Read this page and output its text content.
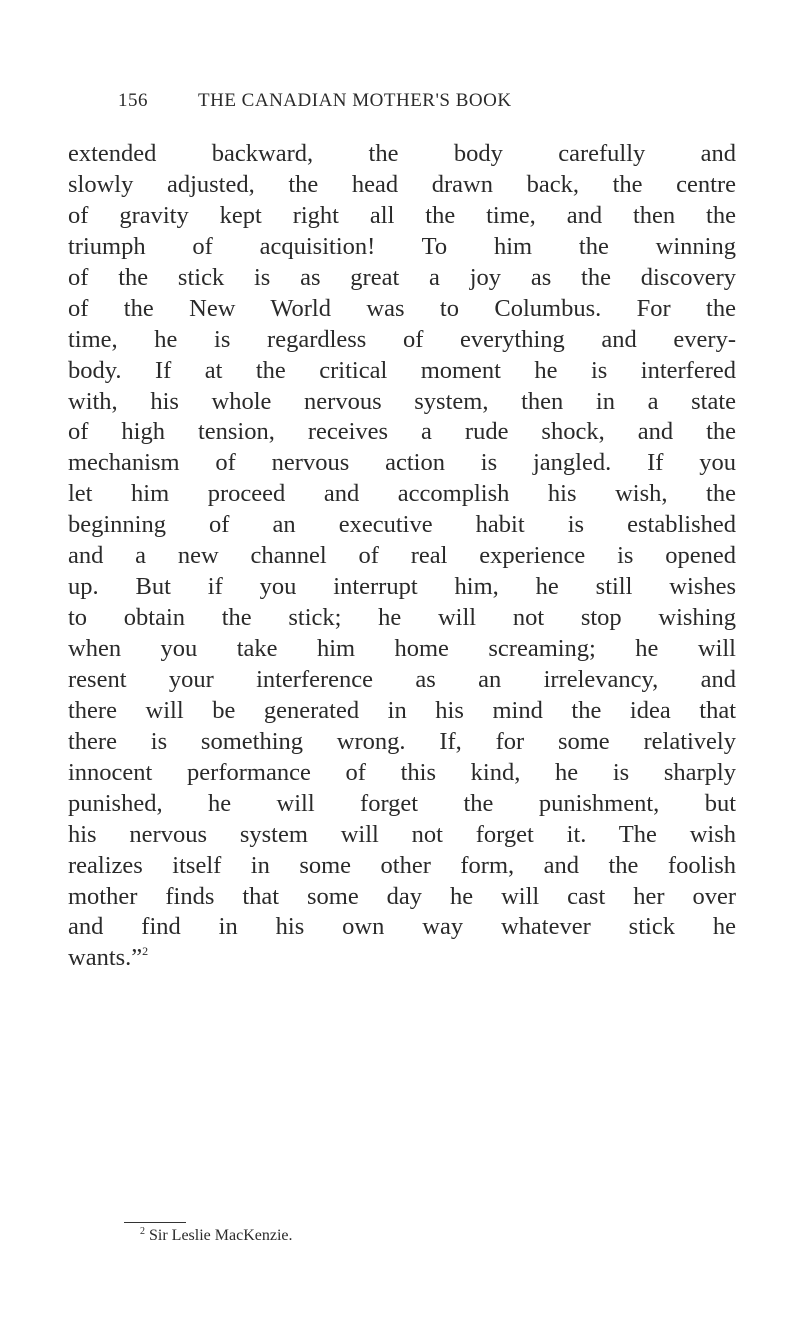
156	THE CANADIAN MOTHER'S BOOK
extended backward, the body carefully and
slowly adjusted, the head drawn back, the centre
of gravity kept right all the time, and then the
triumph of acquisition! To him the winning
of the stick is as great a joy as the discovery
of the New World was to Columbus. For the
time, he is regardless of everything and every-
body. If at the critical moment he is interfered
with, his whole nervous system, then in a state
of high tension, receives a rude shock, and the
mechanism of nervous action is jangled. If you
let him proceed and accomplish his wish, the
beginning of an executive habit is established
and a new channel of real experience is opened
up. But if you interrupt him, he still wishes
to obtain the stick; he will not stop wishing
when you take him home screaming; he will
resent your interference as an irrelevancy, and
there will be generated in his mind the idea that
there is something wrong. If, for some relatively
innocent performance of this kind, he is sharply
punished, he will forget the punishment, but
his nervous system will not forget it. The wish
realizes itself in some other form, and the foolish
mother finds that some day he will cast her over
and find in his own way whatever stick he
wants.”$^2$
$^2$ Sir Leslie MacKenzie.
